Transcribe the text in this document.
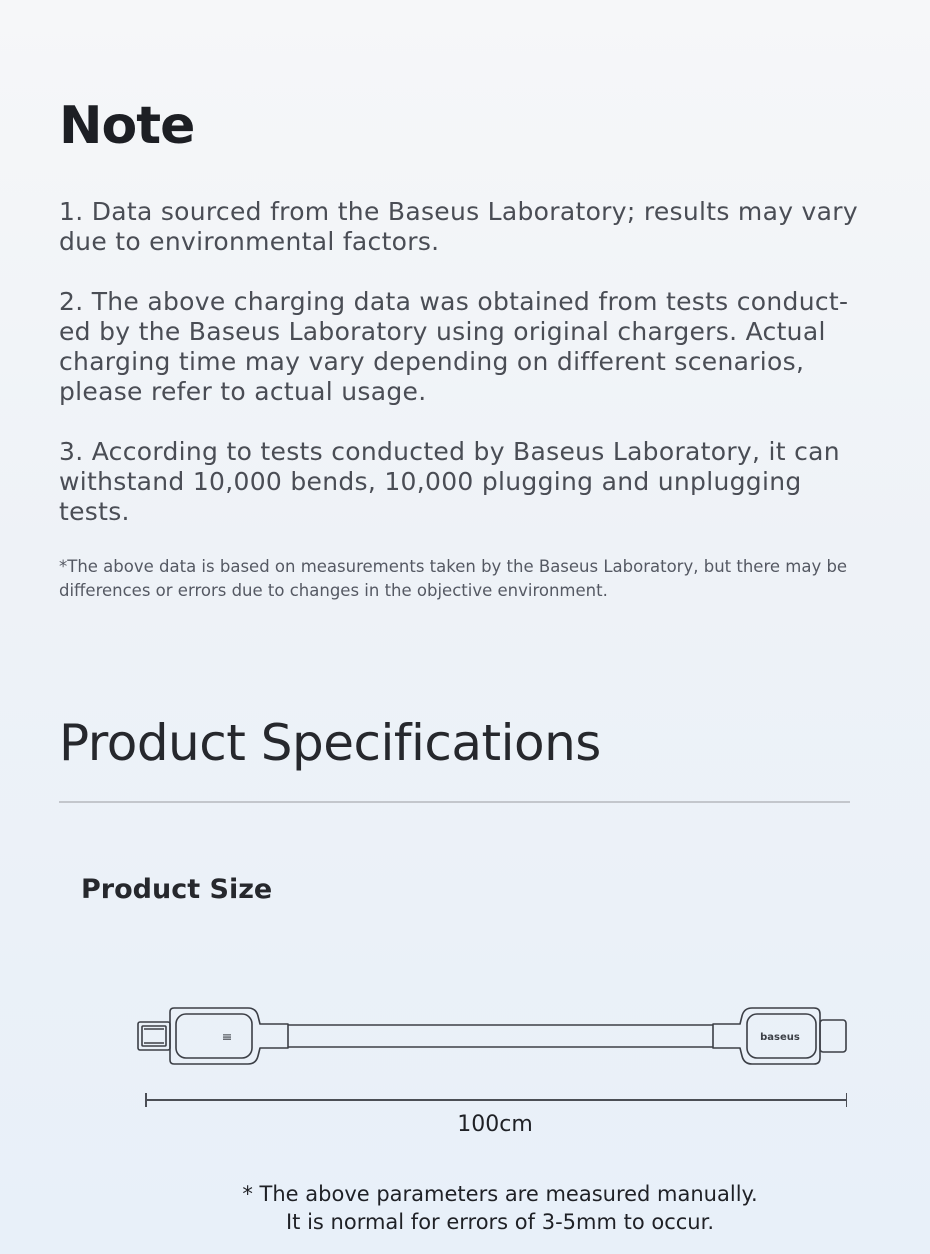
Note

1. Data sourced from the Baseus Laboratory; results may vary due to environmental factors.

2. The above charging data was obtained from tests conduct-ed by the Baseus Laboratory using original chargers. Actual charging time may vary depending on different scenarios, please refer to actual usage.

3. According to tests conducted by Baseus Laboratory, it can withstand 10,000 bends, 10,000 plugging and unplugging tests.

*The above data is based on measurements taken by the Baseus Laboratory, but there may be differences or errors due to changes in the objective environment.

Product Specifications
Product Size
Ⅲ	baseus
100cm
* The above parameters are measured manually.
It is normal for errors of 3-5mm to occur.
